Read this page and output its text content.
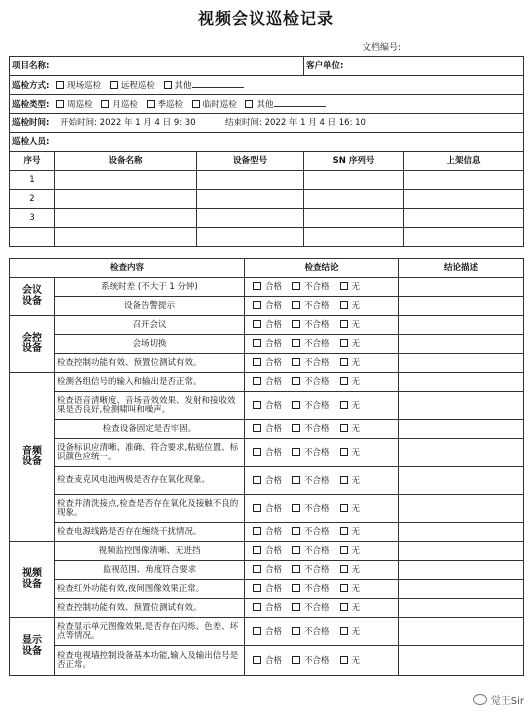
视频会议巡检记录
文档编号:
项目名称:			客户单位:	
巡检方式: 现场巡检 远程巡检 其他				
巡检类型: 周巡检 月巡检 季巡检 临时巡检 其他				
巡检时间: 开始时间: 2022 年 1 月 4 日 9: 30 结束时间: 2022 年 1 月 4 日 16: 10				
巡检人员:				
序号	设备名称	设备型号	SN 序列号	上架信息
1				
2				
3				

检查内容		检查结论	结论描述
会议
设备	系统时差 (不大于 1 分钟)	合格 不合格 无	
	设备告警提示	合格 不合格 无	
会控
设备	召开会议	合格 不合格 无	
	会场切换	合格 不合格 无	
	检查控制功能有效、预置位测试有效。	合格 不合格 无	
音频
设备	检测各组信号的输入和输出是否正常。	合格 不合格 无	
	检查语音清晰度、音场音效效果、发射和接收效果是否良好,检测啸叫和噪声。	合格 不合格 无	
	检查设备固定是否牢固。	合格 不合格 无	
	设备标识应清晰、准确、符合要求,粘贴位置、标识颜色应统一。	合格 不合格 无	
	检查麦克风电池两极是否存在氧化现象。	合格 不合格 无	
	检查并清洗接点,检查是否存在氧化及接触不良的现象。	合格 不合格 无	
	检查电源线路是否存在缠绕干扰情况。	合格 不合格 无	
视频
设备	视频监控图像清晰、无进挡	合格 不合格 无	
	监视范围、角度符合要求	合格 不合格 无	
	检查红外功能有效,夜间图像效果正常。	合格 不合格 无	
	检查控制功能有效、预置位测试有效。	合格 不合格 无	
显示
设备	检查显示单元图像效果,是否存在闪烁、色差、坏点等情况。	合格 不合格 无	
	检查电视墙控制设备基本功能,输入及输出信号是否正常。	合格 不合格 无	
觉王Sir
